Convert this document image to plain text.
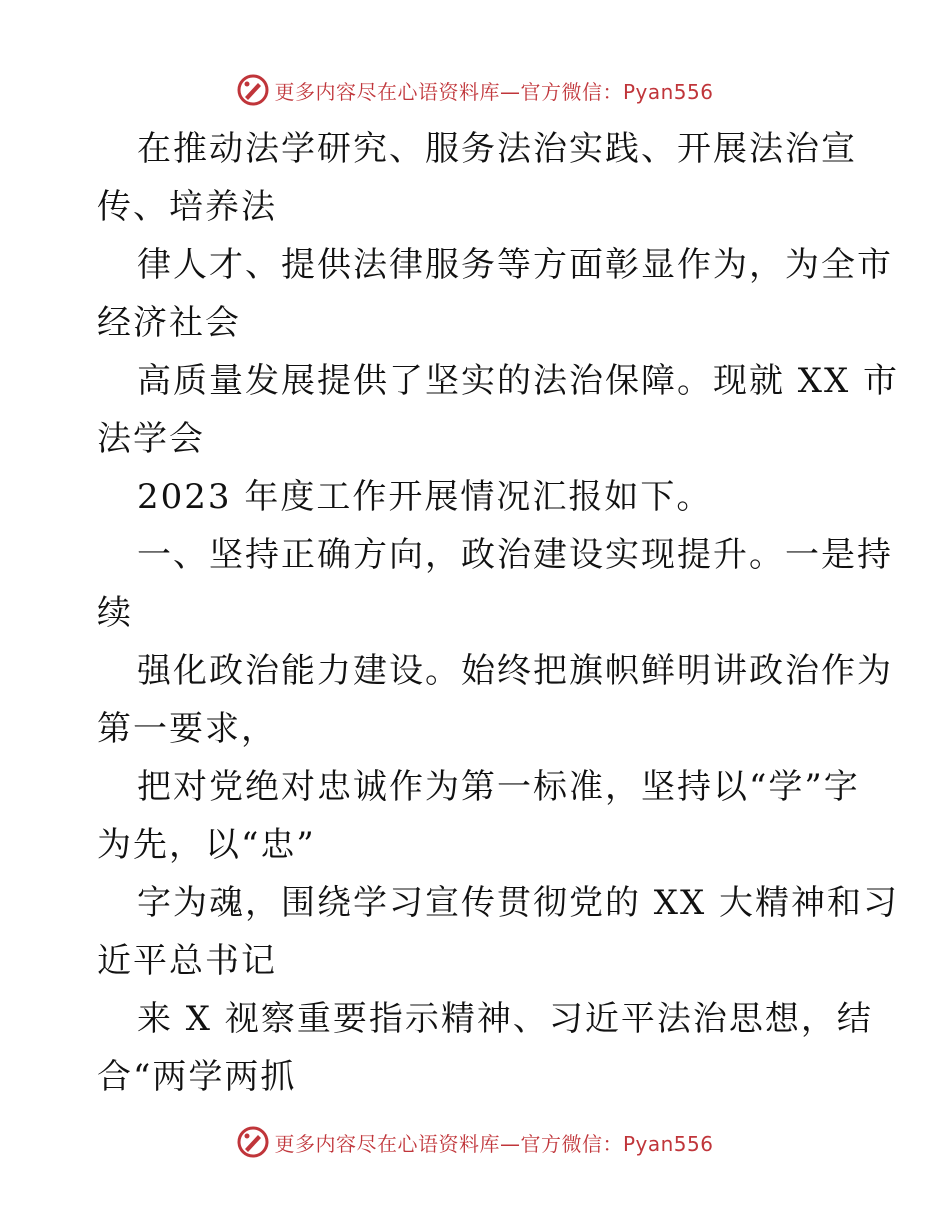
更多内容尽在心语资料库—官方微信：Pyan556
在推动法学研究、服务法治实践、开展法治宣
传、培养法
律人才、提供法律服务等方面彰显作为，为全市
经济社会
高质量发展提供了坚实的法治保障。现就 XX 市
法学会
2023 年度工作开展情况汇报如下。
一、坚持正确方向，政治建设实现提升。一是持
续
强化政治能力建设。始终把旗帜鲜明讲政治作为
第一要求，
把对党绝对忠诚作为第一标准，坚持以“学”字
为先，以“忠”
字为魂，围绕学习宣传贯彻党的 XX 大精神和习
近平总书记
来 X 视察重要指示精神、习近平法治思想，结
合“两学两抓
更多内容尽在心语资料库—官方微信：Pyan556
